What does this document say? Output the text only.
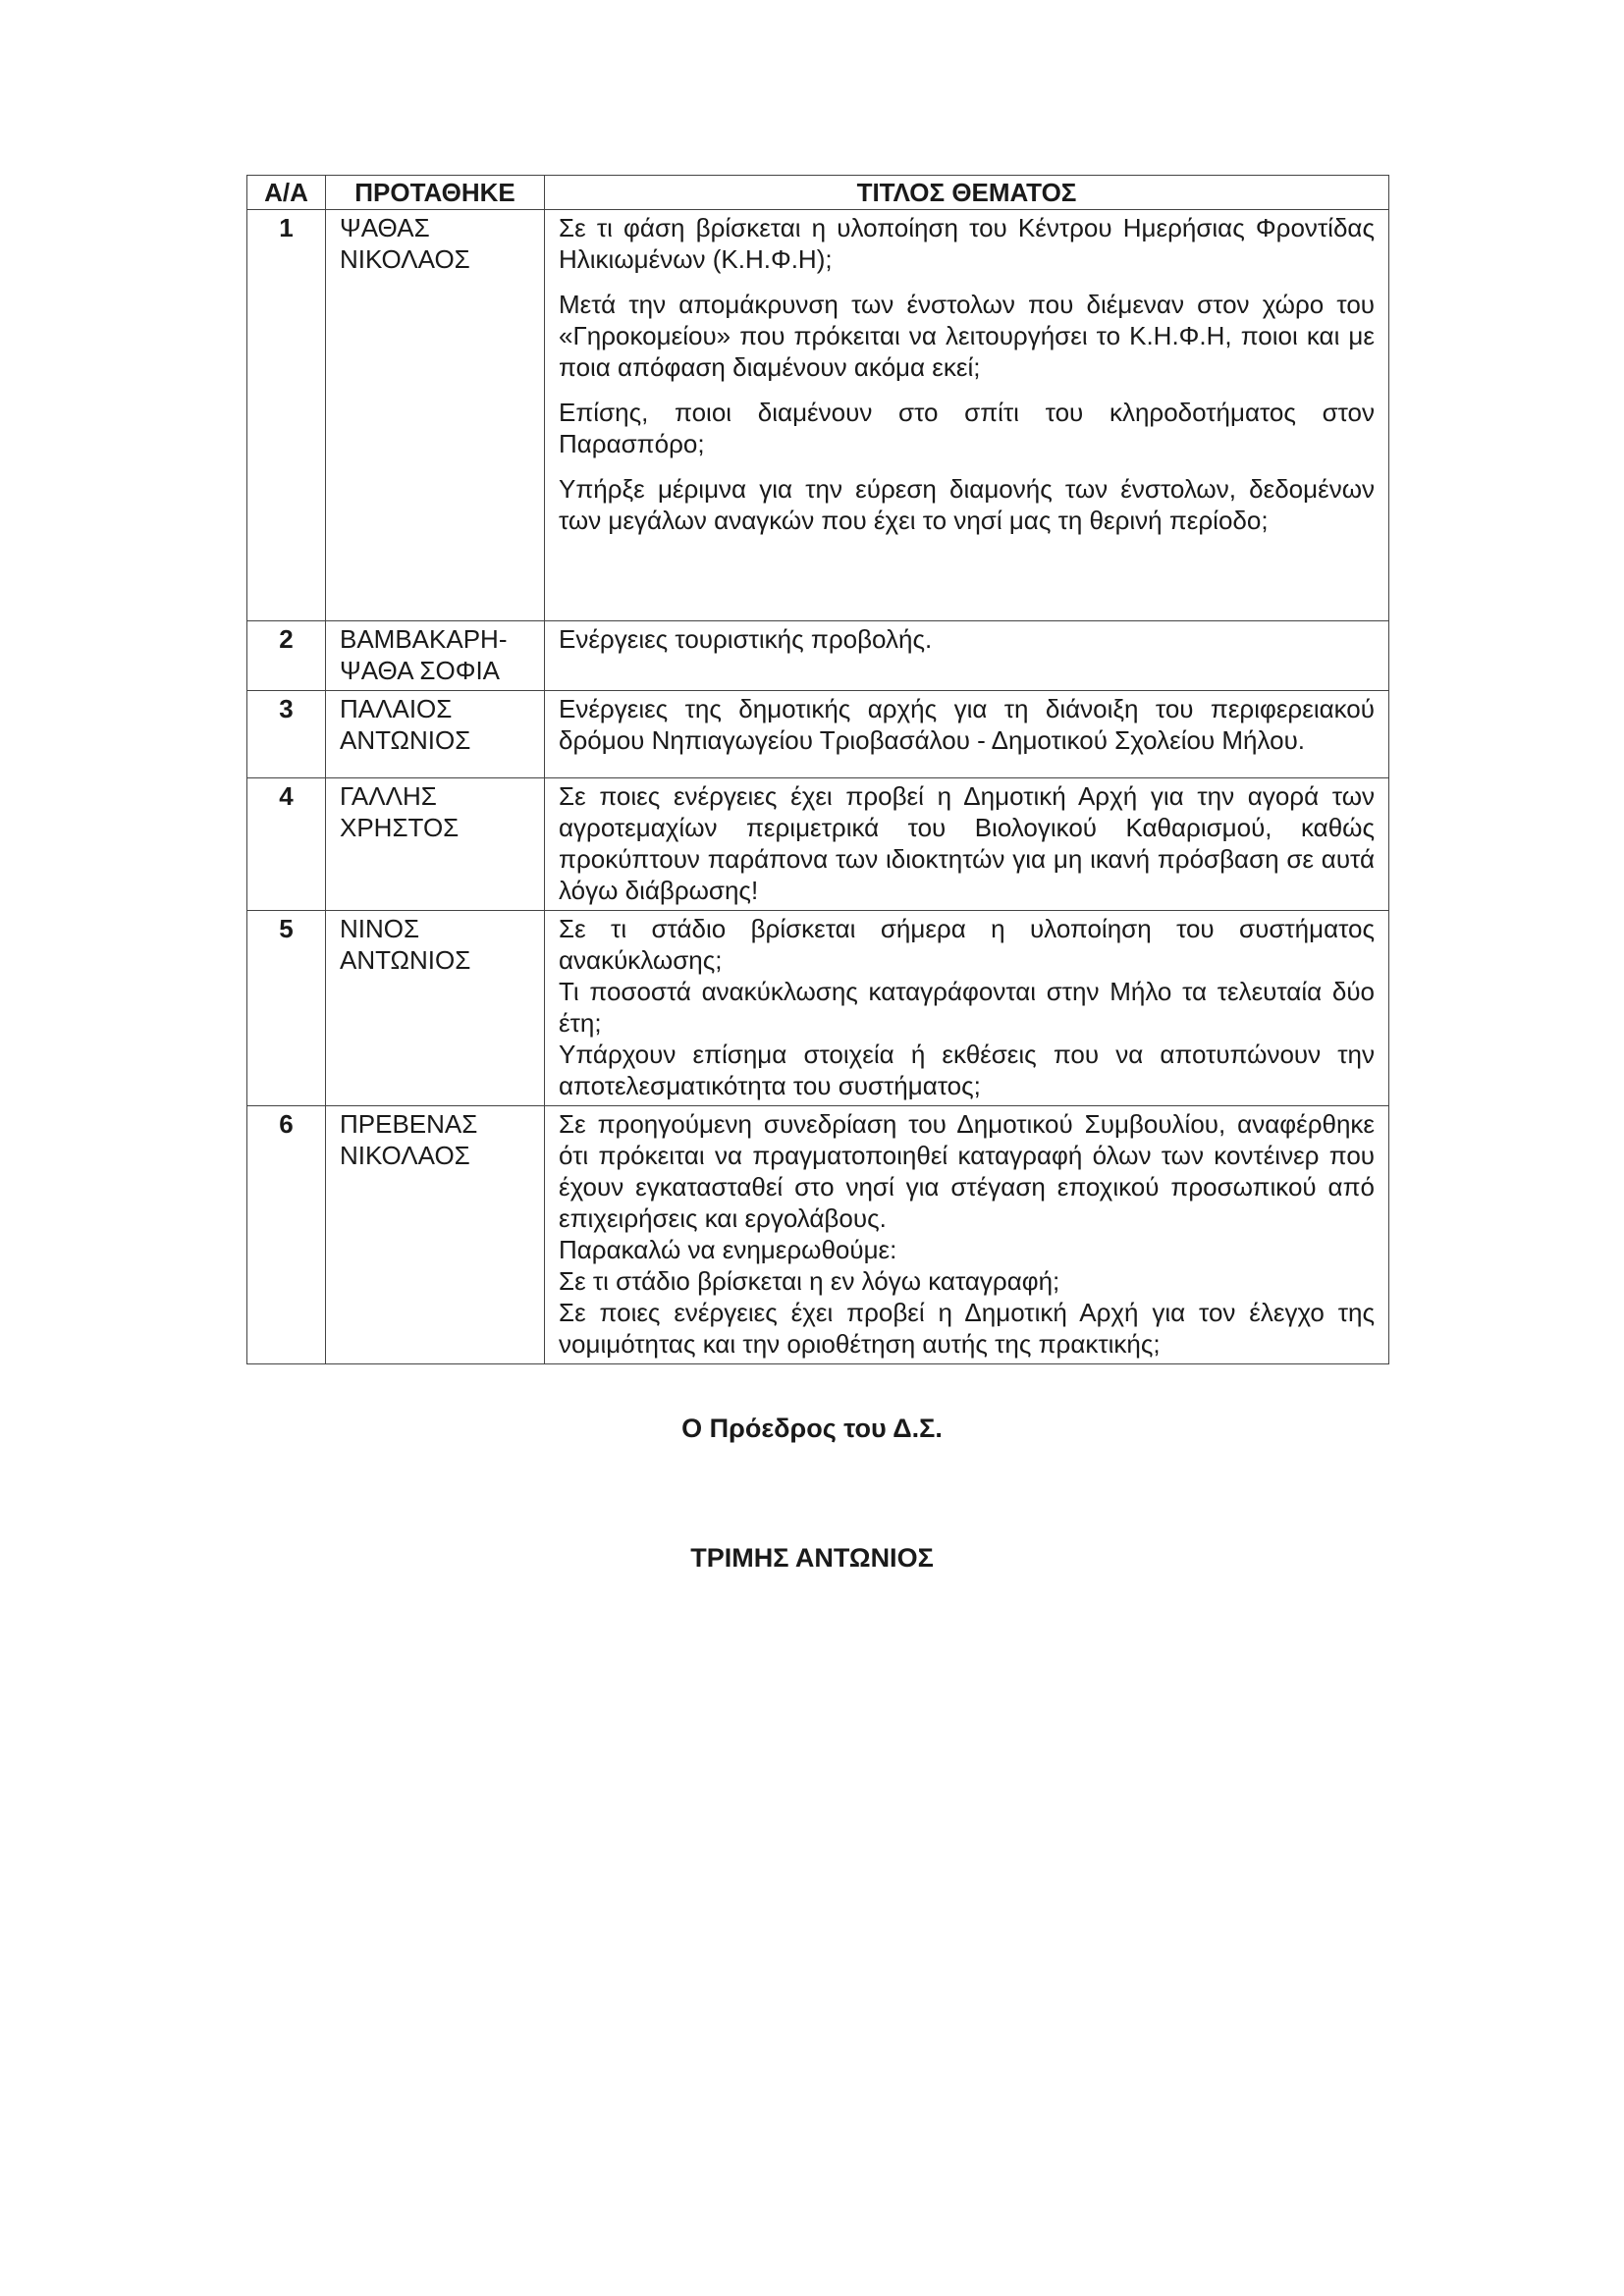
Α/Α	ΠΡΟΤΑΘΗΚΕ	ΤΙΤΛΟΣ ΘΕΜΑΤΟΣ
1	ΨΑΘΑΣ ΝΙΚΟΛΑΟΣ	Σε τι φάση βρίσκεται η υλοποίηση του Κέντρου Ημερήσιας Φροντίδας Ηλικιωμένων (Κ.Η.Φ.Η);

Μετά την απομάκρυνση των ένστολων που διέμεναν στον χώρο του «Γηροκομείου» που πρόκειται να λειτουργήσει το Κ.Η.Φ.Η, ποιοι και με ποια απόφαση διαμένουν ακόμα εκεί;

Επίσης, ποιοι διαμένουν στο σπίτι του κληροδοτήματος στον Παρασπόρο;

Υπήρξε μέριμνα για την εύρεση διαμονής των ένστολων, δεδομένων των μεγάλων αναγκών που έχει το νησί μας τη θερινή περίοδο;

2	ΒΑΜΒΑΚΑΡΗ-ΨΑΘΑ ΣΟΦΙΑ	Ενέργειες τουριστικής προβολής.

3	ΠΑΛΑΙΟΣ ΑΝΤΩΝΙΟΣ	Ενέργειες της δημοτικής αρχής για τη διάνοιξη του περιφερειακού δρόμου Νηπιαγωγείου Τριοβασάλου - Δημοτικού Σχολείου Μήλου.

4	ΓΑΛΛΗΣ ΧΡΗΣΤΟΣ	Σε ποιες ενέργειες έχει προβεί η Δημοτική Αρχή για την αγορά των αγροτεμαχίων περιμετρικά του Βιολογικού Καθαρισμού, καθώς προκύπτουν παράπονα των ιδιοκτητών για μη ικανή πρόσβαση σε αυτά λόγω διάβρωσης!

5	ΝΙΝΟΣ ΑΝΤΩΝΙΟΣ	Σε τι στάδιο βρίσκεται σήμερα η υλοποίηση του συστήματος ανακύκλωσης;

Τι ποσοστά ανακύκλωσης καταγράφονται στην Μήλο τα τελευταία δύο έτη;

Υπάρχουν επίσημα στοιχεία ή εκθέσεις που να αποτυπώνουν την αποτελεσματικότητα του συστήματος;

6	ΠΡΕΒΕΝΑΣ ΝΙΚΟΛΑΟΣ	Σε προηγούμενη συνεδρίαση του Δημοτικού Συμβουλίου, αναφέρθηκε ότι πρόκειται να πραγματοποιηθεί καταγραφή όλων των κοντέινερ που έχουν εγκατασταθεί στο νησί για στέγαση εποχικού προσωπικού από επιχειρήσεις και εργολάβους.

Παρακαλώ να ενημερωθούμε:

Σε τι στάδιο βρίσκεται η εν λόγω καταγραφή;

Σε ποιες ενέργειες έχει προβεί η Δημοτική Αρχή για τον έλεγχο της νομιμότητας και την οριοθέτηση αυτής της πρακτικής;

Ο Πρόεδρος του Δ.Σ.
ΤΡΙΜΗΣ ΑΝΤΩΝΙΟΣ
